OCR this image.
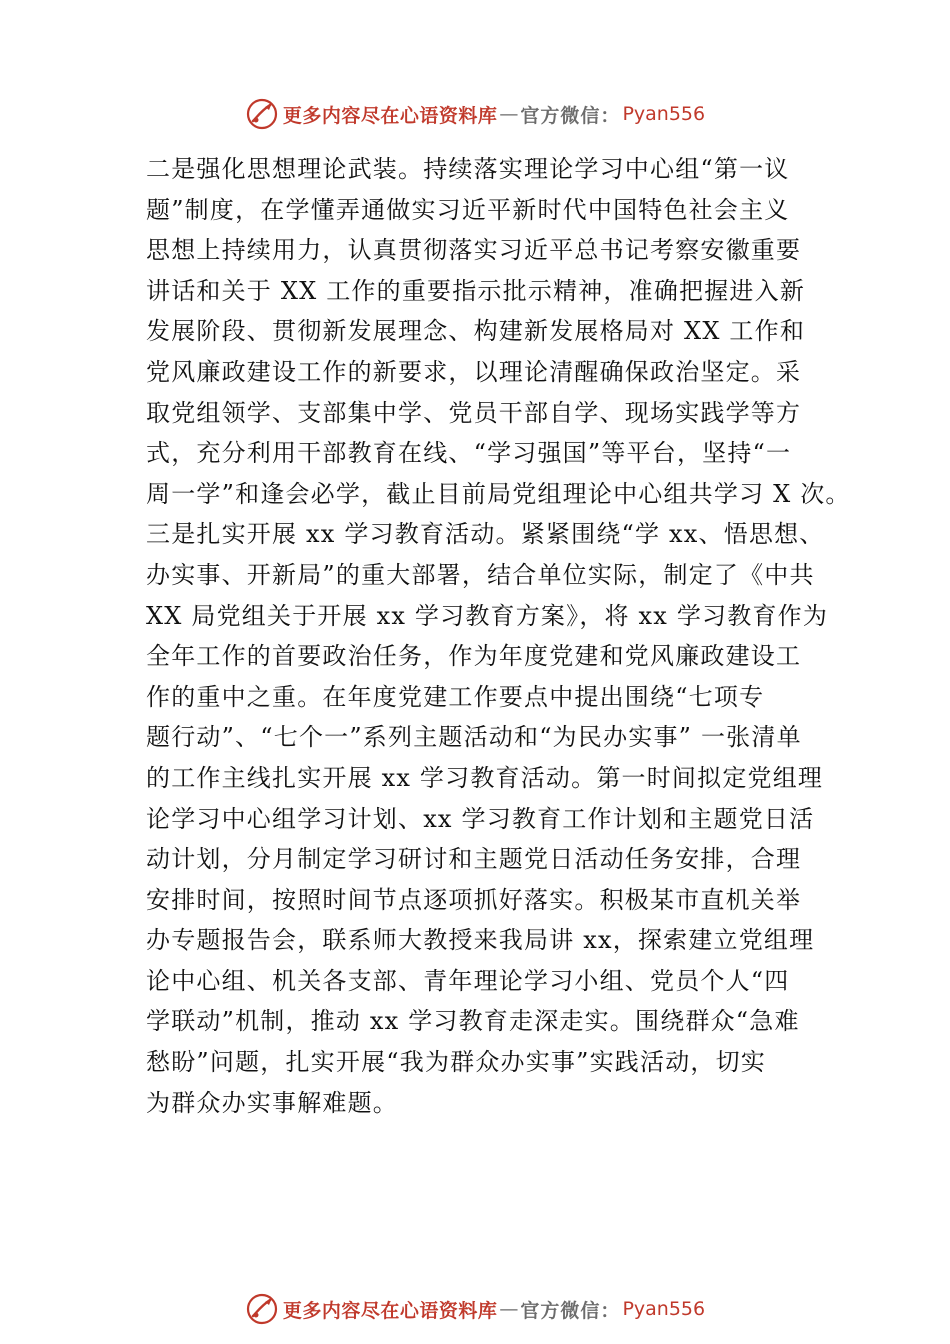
更多内容尽在心语资料库 — 官方微信： Pyan556
二是强化思想理论武装。持续落实理论学习中心组“第一议
题”制度，在学懂弄通做实习近平新时代中国特色社会主义
思想上持续用力，认真贯彻落实习近平总书记考察安徽重要
讲话和关于 XX 工作的重要指示批示精神，准确把握进入新
发展阶段、贯彻新发展理念、构建新发展格局对 XX 工作和
党风廉政建设工作的新要求，以理论清醒确保政治坚定。采
取党组领学、支部集中学、党员干部自学、现场实践学等方
式，充分利用干部教育在线、“学习强国”等平台，坚持“一
周一学”和逢会必学，截止目前局党组理论中心组共学习 X 次。
三是扎实开展 xx 学习教育活动。紧紧围绕“学 xx、悟思想、
办实事、开新局”的重大部署，结合单位实际，制定了《中共
XX 局党组关于开展 xx 学习教育方案》，将 xx 学习教育作为
全年工作的首要政治任务，作为年度党建和党风廉政建设工
作的重中之重。在年度党建工作要点中提出围绕“七项专
题行动”、“七个一”系列主题活动和“为民办实事” 一张清单
的工作主线扎实开展 xx 学习教育活动。第一时间拟定党组理
论学习中心组学习计划、xx 学习教育工作计划和主题党日活
动计划，分月制定学习研讨和主题党日活动任务安排，合理
安排时间，按照时间节点逐项抓好落实。积极某市直机关举
办专题报告会，联系师大教授来我局讲 xx，探索建立党组理
论中心组、机关各支部、青年理论学习小组、党员个人“四
学联动”机制，推动 xx 学习教育走深走实。围绕群众“急难
愁盼”问题，扎实开展“我为群众办实事”实践活动，切实
为群众办实事解难题。
更多内容尽在心语资料库 — 官方微信： Pyan556
